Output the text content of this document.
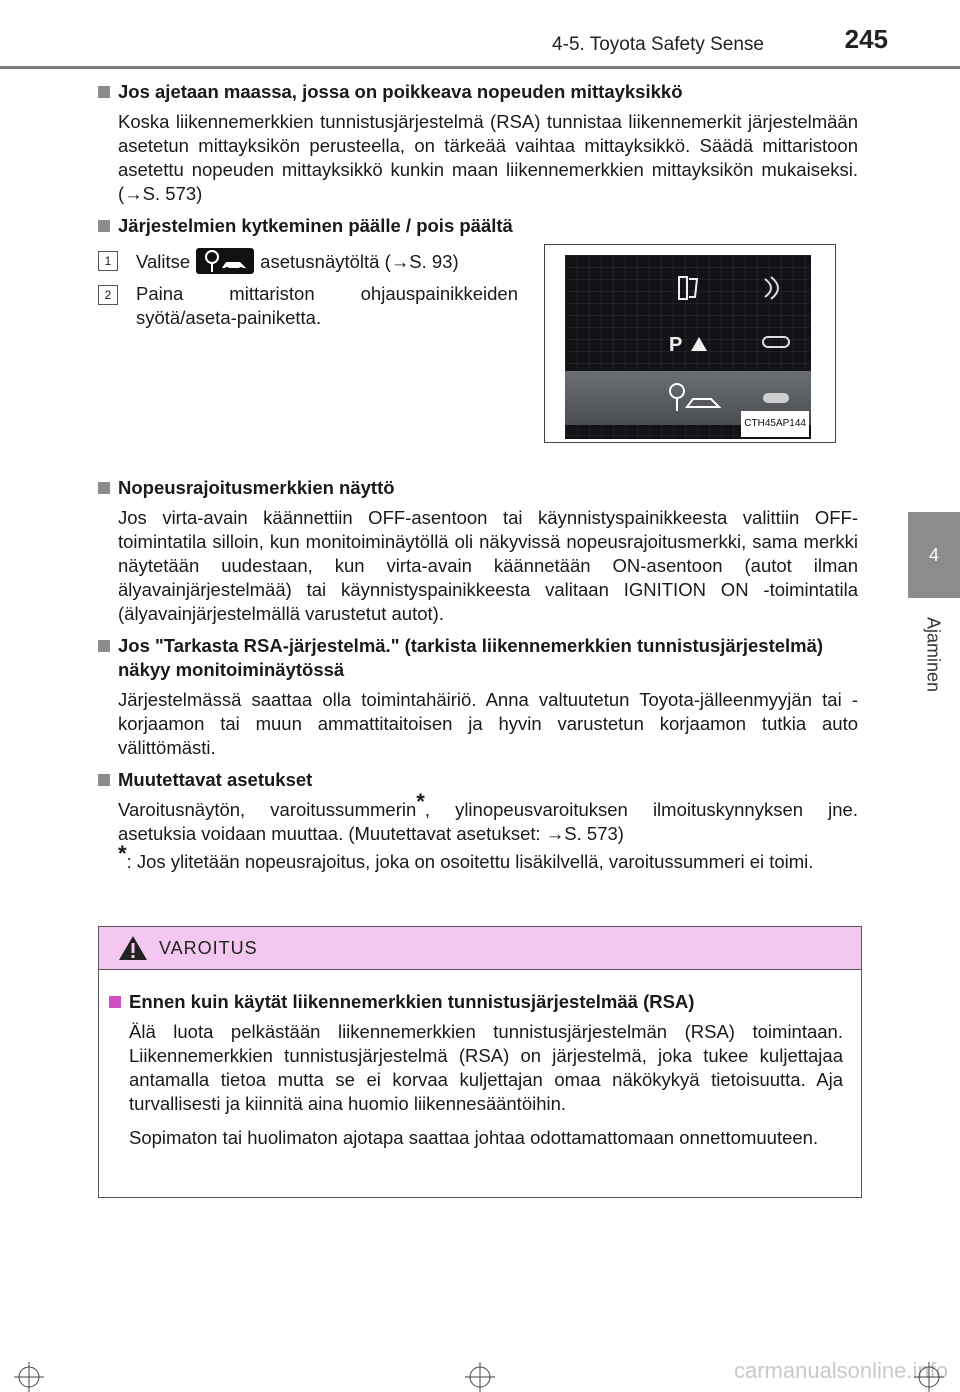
4-5. Toyota Safety Sense	245
4
Ajaminen
Jos ajetaan maassa, jossa on poikkeava nopeuden mittayksikkö

Koska liikennemerkkien tunnistusjärjestelmä (RSA) tunnistaa liikennemerkit järjestelmään asetetun mittayksikön perusteella, on tärkeää vaihtaa mittayksikkö. Säädä mittaristoon asetettu nopeuden mittayksikkö kunkin maan liikennemerkkien mittayksikön mukaiseksi. (→S. 573)

Järjestelmien kytkeminen päälle / pois päältä
1	Valitse	asetusnäytöltä (→S. 93)
2	Paina mittariston ohjauspainikkeiden syötä/aseta-painiketta.
P
CTH45AP144
Nopeusrajoitusmerkkien näyttö

Jos virta-avain käännettiin OFF-asentoon tai käynnistyspainikkeesta valittiin OFF-toimintatila silloin, kun monitoiminäytöllä oli näkyvissä nopeusrajoitusmerkki, sama merkki näytetään uudestaan, kun virta-avain käännetään ON-asentoon (autot ilman älyavainjärjestelmää) tai käynnistyspainikkeesta valitaan IGNITION ON -toimintatila (älyavainjärjestelmällä varustetut autot).

Jos "Tarkasta RSA-järjestelmä." (tarkista liikennemerkkien tunnistusjärjestelmä) näkyy monitoiminäytössä

Järjestelmässä saattaa olla toimintahäiriö. Anna valtuutetun Toyota-jälleenmyyjän tai -korjaamon tai muun ammattitaitoisen ja hyvin varustetun korjaamon tutkia auto välittömästi.

Muutettavat asetukset

Varoitusnäytön, varoitussummerin*, ylinopeusvaroituksen ilmoituskynnyksen jne. asetuksia voidaan muuttaa. (Muutettavat asetukset: →S. 573)

*: Jos ylitetään nopeusrajoitus, joka on osoitettu lisäkilvellä, varoitussummeri ei toimi.

VAROITUS
Ennen kuin käytät liikennemerkkien tunnistusjärjestelmää (RSA)

Älä luota pelkästään liikennemerkkien tunnistusjärjestelmän (RSA) toimintaan. Liikennemerkkien tunnistusjärjestelmä (RSA) on järjestelmä, joka tukee kuljettajaa antamalla tietoa mutta se ei korvaa kuljettajan omaa näkökykyä tietoisuutta. Aja turvallisesti ja kiinnitä aina huomio liikennesääntöihin.

Sopimaton tai huolimaton ajotapa saattaa johtaa odottamattomaan onnettomuuteen.

carmanualsonline.info
